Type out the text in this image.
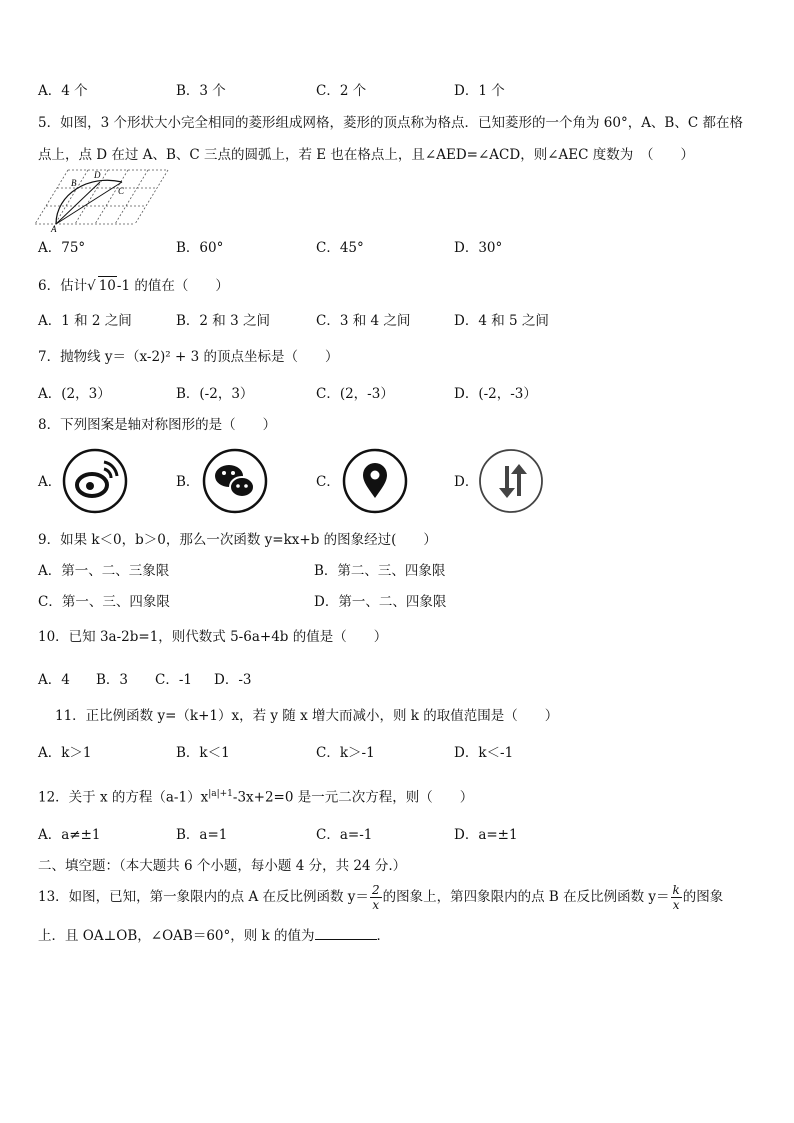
A．4 个	B．3 个	C．2 个	D．1 个
5．如图，3 个形状大小完全相同的菱形组成网格，菱形的顶点称为格点．已知菱形的一个角为 60°，A、B、C 都在格
点上，点 D 在过 A、B、C 三点的圆弧上，若 E 也在格点上，且∠AED=∠ACD，则∠AEC 度数为　（　　）
B
D
C
A
A．75°	B．60°	C．45°	D．30°
6．估计√ 10-1 的值在（　　）
A．1 和 2 之间	B．2 和 3 之间	C．3 和 4 之间	D．4 和 5 之间
7．抛物线 y＝（x-2)² + 3 的顶点坐标是（　　）
A．(2，3）	B．(-2，3）	C．(2，-3）	D．(-2，-3）
8．下列图案是轴对称图形的是（　　）
A．	B．	C．	D．
9．如果 k＜0，b＞0，那么一次函数 y=kx+b 的图象经过(　　）
A．第一、二、三象限	B．第二、三、四象限
C．第一、三、四象限	D．第一、二、四象限
10．已知 3a-2b=1，则代数式 5-6a+4b 的值是（　　）
A．4 B．3 C．-1 D．-3
11．正比例函数 y=（k+1）x，若 y 随 x 增大而减小，则 k 的取值范围是（　　）
A．k＞1	B．k＜1	C．k＞-1	D．k＜-1
12．关于 x 的方程$(a-1)x^{|a|+1}-3x+2=0$ 是一元二次方程，则（　　）
A．a≠±1	B．a=1	C．a=-1	D．a=±1
二、填空题：（本大题共 6 个小题，每小题 4 分，共 24 分.）
13．如图，已知，第一象限内的点 A 在反比例函数 $y= \frac{2}{x}$ 的图象上，第四象限内的点 B 在反比例函数 $y= \frac{k}{x}$ 的图象
上．且 OA⊥OB，∠OAB＝60°，则 k 的值为	．
